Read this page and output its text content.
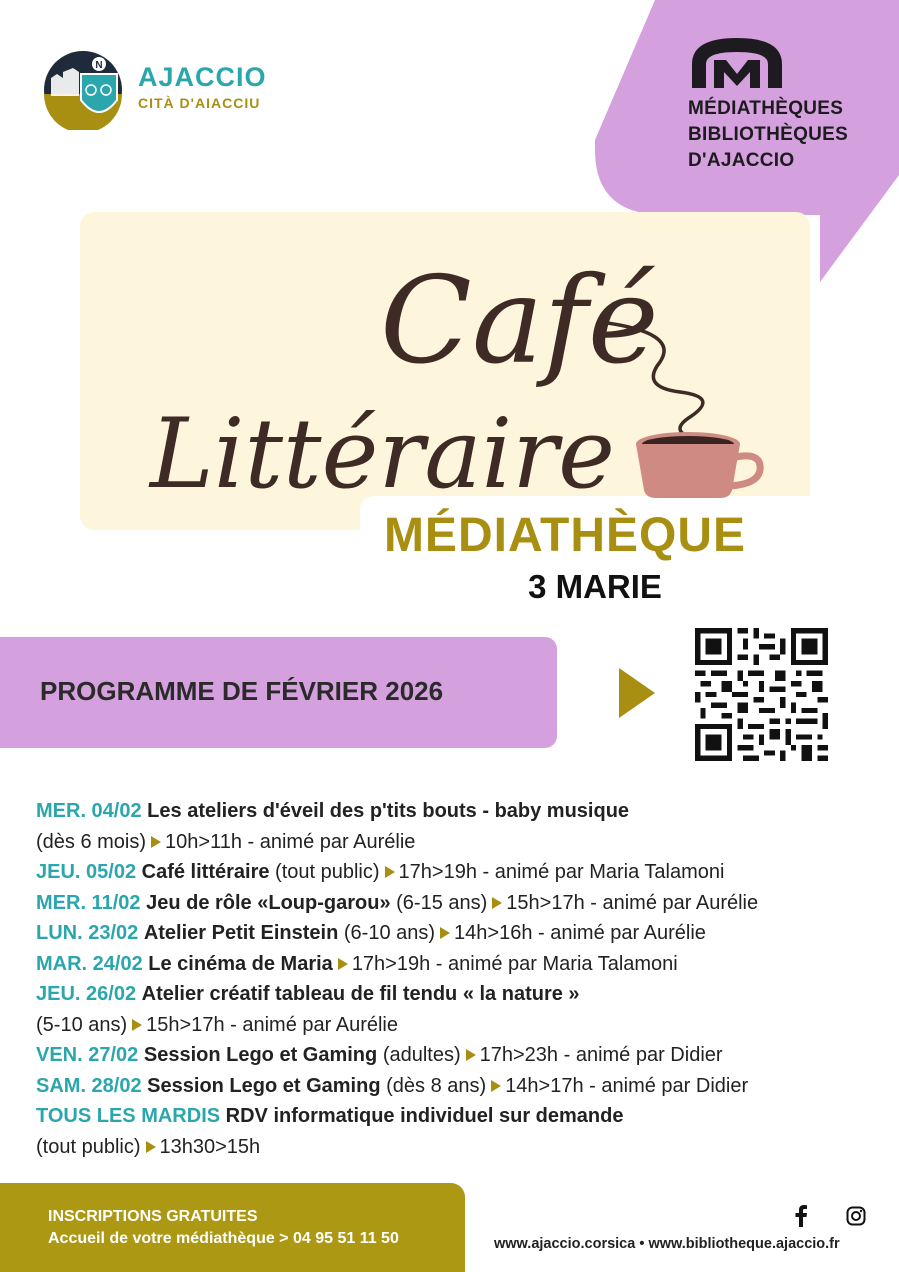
N AJACCIO
CITÀ D'AIACCIU	MÉDIATHÈQUES
BIBLIOTHÈQUES
D'AJACCIO
Café
Littéraire
MÉDIATHÈQUE
3 MARIE
PROGRAMME DE FÉVRIER 2026
MER. 04/02 Les ateliers d'éveil des p'tits bouts - baby musique
(dès 6 mois) 10h>11h - animé par Aurélie
JEU. 05/02 Café littéraire (tout public) 17h>19h - animé par Maria Talamoni
MER. 11/02 Jeu de rôle «Loup-garou» (6-15 ans) 15h>17h - animé par Aurélie
LUN. 23/02 Atelier Petit Einstein (6-10 ans) 14h>16h - animé par Aurélie
MAR. 24/02 Le cinéma de Maria 17h>19h - animé par Maria Talamoni
JEU. 26/02 Atelier créatif tableau de fil tendu « la nature »
(5-10 ans) 15h>17h - animé par Aurélie
VEN. 27/02 Session Lego et Gaming (adultes) 17h>23h - animé par Didier
SAM. 28/02 Session Lego et Gaming (dès 8 ans) 14h>17h - animé par Didier
TOUS LES MARDIS RDV informatique individuel sur demande
(tout public) 13h30>15h
INSCRIPTIONS GRATUITES
Accueil de votre médiathèque > 04 95 51 11 50	www.ajaccio.corsica • www.bibliotheque.ajaccio.fr
